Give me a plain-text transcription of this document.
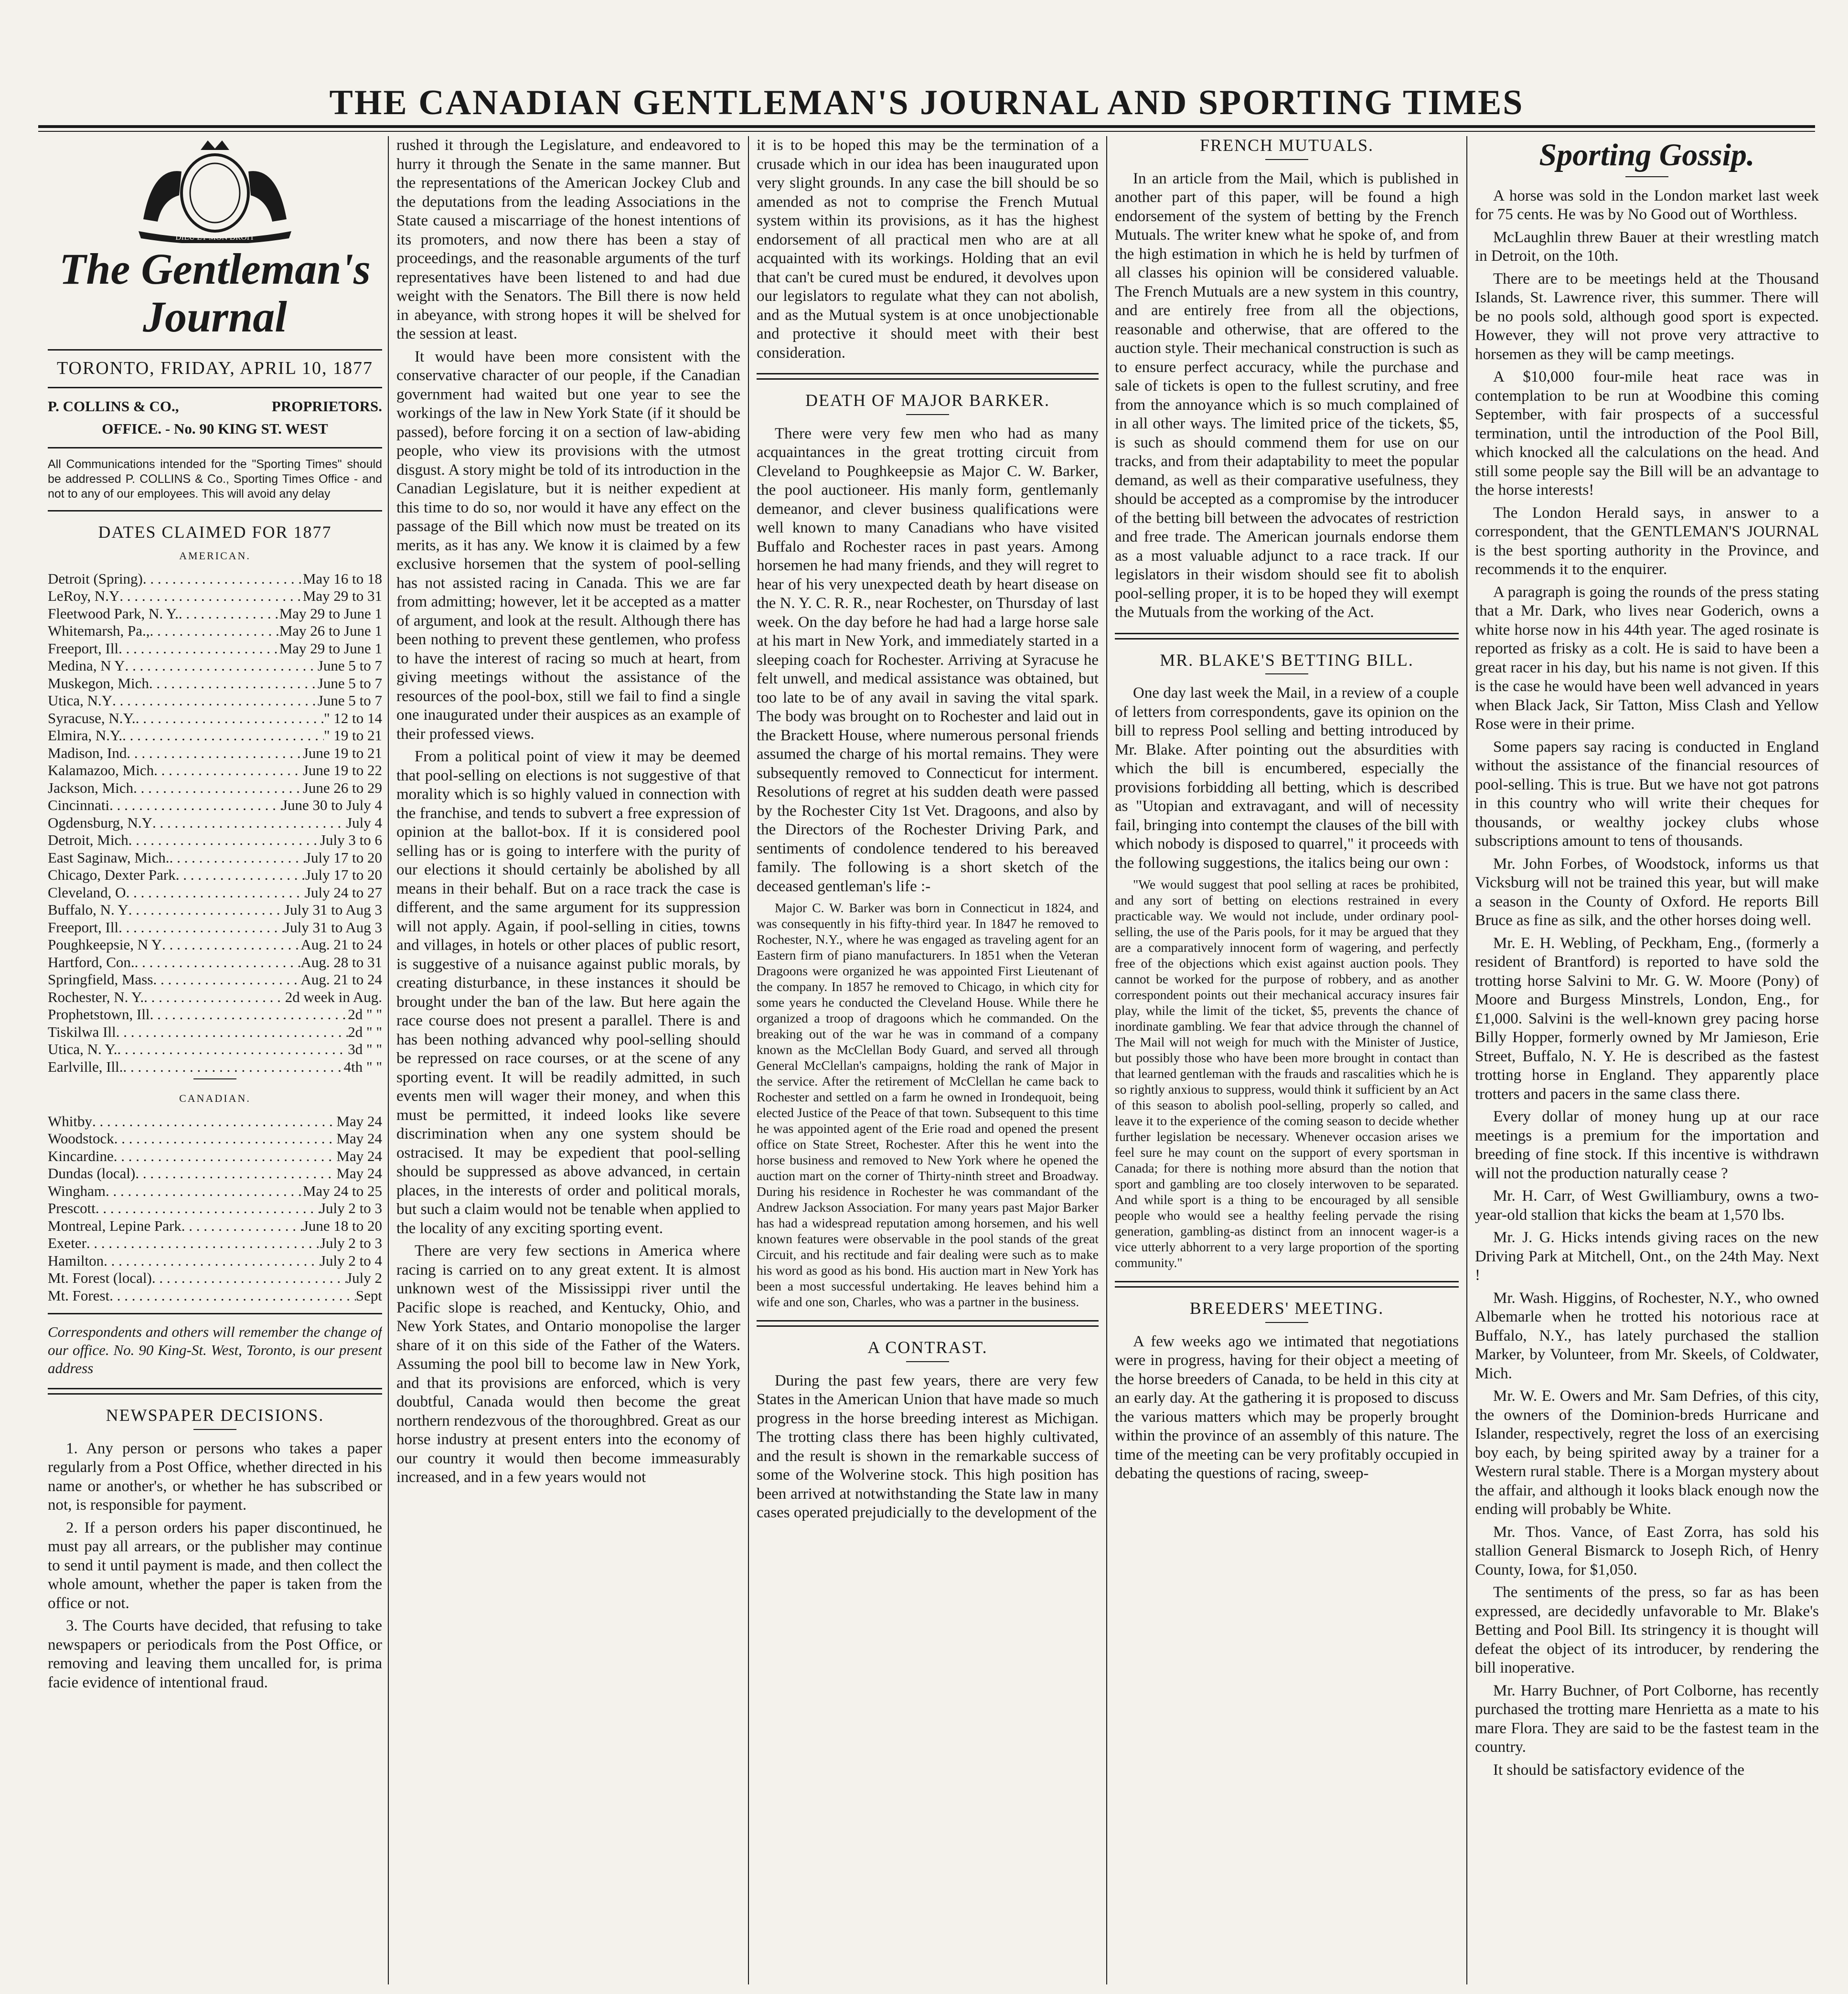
THE CANADIAN GENTLEMAN'S JOURNAL AND SPORTING TIMES
DIEU ET MON DROIT
The Gentleman's Journal
TORONTO, FRIDAY, APRIL 10, 1877
P. COLLINS & CO.,	PROPRIETORS.
OFFICE. - No. 90 KING ST. WEST
All Communications intended for the "Sporting Times" should be addressed P. COLLINS & Co., Sporting Times Office - and not to any of our employees. This will avoid any delay
DATES CLAIMED FOR 1877
AMERICAN.
Detroit (Spring) . . .	May 16 to 18
LeRoy, N.Y . . .	May 29 to 31
Fleetwood Park, N. Y. . . .	May 29 to June 1
Whitemarsh, Pa., . . .	May 26 to June 1
Freeport, Ill . . .	May 29 to June 1
Medina, N Y . . .	June 5 to 7
Muskegon, Mich . . .	June 5 to 7
Utica, N.Y . . .	June 5 to 7
Syracuse, N.Y. . . .	" 12 to 14
Elmira, N.Y. . . .	" 19 to 21
Madison, Ind . . .	June 19 to 21
Kalamazoo, Mich . . .	June 19 to 22
Jackson, Mich . . .	June 26 to 29
Cincinnati . . .	June 30 to July 4
Ogdensburg, N.Y . . .	July 4
Detroit, Mich . . .	July 3 to 6
East Saginaw, Mich. . . .	July 17 to 20
Chicago, Dexter Park . . .	July 17 to 20
Cleveland, O . . .	July 24 to 27
Buffalo, N. Y . . .	July 31 to Aug 3
Freeport, Ill . . .	July 31 to Aug 3
Poughkeepsie, N Y . . .	Aug. 21 to 24
Hartford, Con. . . .	Aug. 28 to 31
Springfield, Mass . . .	Aug. 21 to 24
Rochester, N. Y. . . .	2d week in Aug.
Prophetstown, Ill . . .	2d " "
Tiskilwa Ill . . .	2d " "
Utica, N. Y. . . .	3d " "
Earlville, Ill. . . .	4th " "
CANADIAN.
Whitby . . .	May 24
Woodstock . . .	May 24
Kincardine . . .	May 24
Dundas (local) . . .	May 24
Wingham . . .	May 24 to 25
Prescott . . .	July 2 to 3
Montreal, Lepine Park . . .	June 18 to 20
Exeter . . .	July 2 to 3
Hamilton . . .	July 2 to 4
Mt. Forest (local) . . .	July 2
Mt. Forest . . .	Sept

Correspondents and others will remember the change of our office. No. 90 King-St. West, Toronto, is our present address

NEWSPAPER DECISIONS.

1. Any person or persons who takes a paper regularly from a Post Office, whether directed in his name or another's, or whether he has subscribed or not, is responsible for payment.

2. If a person orders his paper discontinued, he must pay all arrears, or the publisher may continue to send it until payment is made, and then collect the whole amount, whether the paper is taken from the office or not.

3. The Courts have decided, that refusing to take newspapers or periodicals from the Post Office, or removing and leaving them uncalled for, is prima facie evidence of intentional fraud.

rushed it through the Legislature, and endeavored to hurry it through the Senate in the same manner. But the representations of the American Jockey Club and the deputations from the leading Associations in the State caused a miscarriage of the honest intentions of its promoters, and now there has been a stay of proceedings, and the reasonable arguments of the turf representatives have been listened to and had due weight with the Senators. The Bill there is now held in abeyance, with strong hopes it will be shelved for the session at least.

It would have been more consistent with the conservative character of our people, if the Canadian government had waited but one year to see the workings of the law in New York State (if it should be passed), before forcing it on a section of law-abiding people, who view its provisions with the utmost disgust. A story might be told of its introduction in the Canadian Legislature, but it is neither expedient at this time to do so, nor would it have any effect on the passage of the Bill which now must be treated on its merits, as it has any. We know it is claimed by a few exclusive horsemen that the system of pool-selling has not assisted racing in Canada. This we are far from admitting; however, let it be accepted as a matter of argument, and look at the result. Although there has been nothing to prevent these gentlemen, who profess to have the interest of racing so much at heart, from giving meetings without the assistance of the resources of the pool-box, still we fail to find a single one inaugurated under their auspices as an example of their professed views.

From a political point of view it may be deemed that pool-selling on elections is not suggestive of that morality which is so highly valued in connection with the franchise, and tends to subvert a free expression of opinion at the ballot-box. If it is considered pool selling has or is going to interfere with the purity of our elections it should certainly be abolished by all means in their behalf. But on a race track the case is different, and the same argument for its suppression will not apply. Again, if pool-selling in cities, towns and villages, in hotels or other places of public resort, is suggestive of a nuisance against public morals, by creating disturbance, in these instances it should be brought under the ban of the law. But here again the race course does not present a parallel. There is and has been nothing advanced why pool-selling should be repressed on race courses, or at the scene of any sporting event. It will be readily admitted, in such events men will wager their money, and when this must be permitted, it indeed looks like severe discrimination when any one system should be ostracised. It may be expedient that pool-selling should be suppressed as above advanced, in certain places, in the interests of order and political morals, but such a claim would not be tenable when applied to the locality of any exciting sporting event.

There are very few sections in America where racing is carried on to any great extent. It is almost unknown west of the Mississippi river until the Pacific slope is reached, and Kentucky, Ohio, and New York States, and Ontario monopolise the larger share of it on this side of the Father of the Waters. Assuming the pool bill to become law in New York, and that its provisions are enforced, which is very doubtful, Canada would then become the great northern rendezvous of the thoroughbred. Great as our horse industry at present enters into the economy of our country it would then become immeasurably increased, and in a few years would not

it is to be hoped this may be the termination of a crusade which in our idea has been inaugurated upon very slight grounds. In any case the bill should be so amended as not to comprise the French Mutual system within its provisions, as it has the highest endorsement of all practical men who are at all acquainted with its workings. Holding that an evil that can't be cured must be endured, it devolves upon our legislators to regulate what they can not abolish, and as the Mutual system is at once unobjectionable and protective it should meet with their best consideration.

DEATH OF MAJOR BARKER.

There were very few men who had as many acquaintances in the great trotting circuit from Cleveland to Poughkeepsie as Major C. W. Barker, the pool auctioneer. His manly form, gentlemanly demeanor, and clever business qualifications were well known to many Canadians who have visited Buffalo and Rochester races in past years. Among horsemen he had many friends, and they will regret to hear of his very unexpected death by heart disease on the N. Y. C. R. R., near Rochester, on Thursday of last week. On the day before he had had a large horse sale at his mart in New York, and immediately started in a sleeping coach for Rochester. Arriving at Syracuse he felt unwell, and medical assistance was obtained, but too late to be of any avail in saving the vital spark. The body was brought on to Rochester and laid out in the Brackett House, where numerous personal friends assumed the charge of his mortal remains. They were subsequently removed to Connecticut for interment. Resolutions of regret at his sudden death were passed by the Rochester City 1st Vet. Dragoons, and also by the Directors of the Rochester Driving Park, and sentiments of condolence tendered to his bereaved family. The following is a short sketch of the deceased gentleman's life :-

Major C. W. Barker was born in Connecticut in 1824, and was consequently in his fifty-third year. In 1847 he removed to Rochester, N.Y., where he was engaged as traveling agent for an Eastern firm of piano manufacturers. In 1851 when the Veteran Dragoons were organized he was appointed First Lieutenant of the company. In 1857 he removed to Chicago, in which city for some years he conducted the Cleveland House. While there he organized a troop of dragoons which he commanded. On the breaking out of the war he was in command of a company known as the McClellan Body Guard, and served all through General McClellan's campaigns, holding the rank of Major in the service. After the retirement of McClellan he came back to Rochester and settled on a farm he owned in Irondequoit, being elected Justice of the Peace of that town. Subsequent to this time he was appointed agent of the Erie road and opened the present office on State Street, Rochester. After this he went into the horse business and removed to New York where he opened the auction mart on the corner of Thirty-ninth street and Broadway. During his residence in Rochester he was commandant of the Andrew Jackson Association. For many years past Major Barker has had a widespread reputation among horsemen, and his well known features were observable in the pool stands of the great Circuit, and his rectitude and fair dealing were such as to make his word as good as his bond. His auction mart in New York has been a most successful undertaking. He leaves behind him a wife and one son, Charles, who was a partner in the business.

A CONTRAST.

During the past few years, there are very few States in the American Union that have made so much progress in the horse breeding interest as Michigan. The trotting class there has been highly cultivated, and the result is shown in the remarkable success of some of the Wolverine stock. This high position has been arrived at notwithstanding the State law in many cases operated prejudicially to the development of the

FRENCH MUTUALS.

In an article from the Mail, which is published in another part of this paper, will be found a high endorsement of the system of betting by the French Mutuals. The writer knew what he spoke of, and from the high estimation in which he is held by turfmen of all classes his opinion will be considered valuable. The French Mutuals are a new system in this country, and are entirely free from all the objections, reasonable and otherwise, that are offered to the auction style. Their mechanical construction is such as to ensure perfect accuracy, while the purchase and sale of tickets is open to the fullest scrutiny, and free from the annoyance which is so much complained of in all other ways. The limited price of the tickets, $5, is such as should commend them for use on our tracks, and from their adaptability to meet the popular demand, as well as their comparative usefulness, they should be accepted as a compromise by the introducer of the betting bill between the advocates of restriction and free trade. The American journals endorse them as a most valuable adjunct to a race track. If our legislators in their wisdom should see fit to abolish pool-selling proper, it is to be hoped they will exempt the Mutuals from the working of the Act.

MR. BLAKE'S BETTING BILL.

One day last week the Mail, in a review of a couple of letters from correspondents, gave its opinion on the bill to repress Pool selling and betting introduced by Mr. Blake. After pointing out the absurdities with which the bill is encumbered, especially the provisions forbidding all betting, which is described as "Utopian and extravagant, and will of necessity fail, bringing into contempt the clauses of the bill with which nobody is disposed to quarrel," it proceeds with the following suggestions, the italics being our own :

"We would suggest that pool selling at races be prohibited, and any sort of betting on elections restrained in every practicable way. We would not include, under ordinary pool-selling, the use of the Paris pools, for it may be argued that they are a comparatively innocent form of wagering, and perfectly free of the objections which exist against auction pools. They cannot be worked for the purpose of robbery, and as another correspondent points out their mechanical accuracy insures fair play, while the limit of the ticket, $5, prevents the chance of inordinate gambling. We fear that advice through the channel of The Mail will not weigh for much with the Minister of Justice, but possibly those who have been more brought in contact than that learned gentleman with the frauds and rascalities which he is so rightly anxious to suppress, would think it sufficient by an Act of this season to abolish pool-selling, properly so called, and leave it to the experience of the coming season to decide whether further legislation be necessary. Whenever occasion arises we feel sure he may count on the support of every sportsman in Canada; for there is nothing more absurd than the notion that sport and gambling are too closely interwoven to be separated. And while sport is a thing to be encouraged by all sensible people who would see a healthy feeling pervade the rising generation, gambling-as distinct from an innocent wager-is a vice utterly abhorrent to a very large proportion of the sporting community."

BREEDERS' MEETING.

A few weeks ago we intimated that negotiations were in progress, having for their object a meeting of the horse breeders of Canada, to be held in this city at an early day. At the gathering it is proposed to discuss the various matters which may be properly brought within the province of an assembly of this nature. The time of the meeting can be very profitably occupied in debating the questions of racing, sweep-

Sporting Gossip.

A horse was sold in the London market last week for 75 cents. He was by No Good out of Worthless.

McLaughlin threw Bauer at their wrestling match in Detroit, on the 10th.

There are to be meetings held at the Thousand Islands, St. Lawrence river, this summer. There will be no pools sold, although good sport is expected. However, they will not prove very attractive to horsemen as they will be camp meetings.

A $10,000 four-mile heat race was in contemplation to be run at Woodbine this coming September, with fair prospects of a successful termination, until the introduction of the Pool Bill, which knocked all the calculations on the head. And still some people say the Bill will be an advantage to the horse interests!

The London Herald says, in answer to a correspondent, that the GENTLEMAN'S JOURNAL is the best sporting authority in the Province, and recommends it to the enquirer.

A paragraph is going the rounds of the press stating that a Mr. Dark, who lives near Goderich, owns a white horse now in his 44th year. The aged rosinate is reported as frisky as a colt. He is said to have been a great racer in his day, but his name is not given. If this is the case he would have been well advanced in years when Black Jack, Sir Tatton, Miss Clash and Yellow Rose were in their prime.

Some papers say racing is conducted in England without the assistance of the financial resources of pool-selling. This is true. But we have not got patrons in this country who will write their cheques for thousands, or wealthy jockey clubs whose subscriptions amount to tens of thousands.

Mr. John Forbes, of Woodstock, informs us that Vicksburg will not be trained this year, but will make a season in the County of Oxford. He reports Bill Bruce as fine as silk, and the other horses doing well.

Mr. E. H. Webling, of Peckham, Eng., (formerly a resident of Brantford) is reported to have sold the trotting horse Salvini to Mr. G. W. Moore (Pony) of Moore and Burgess Minstrels, London, Eng., for £1,000. Salvini is the well-known grey pacing horse Billy Hopper, formerly owned by Mr Jamieson, Erie Street, Buffalo, N. Y. He is described as the fastest trotting horse in England. They apparently place trotters and pacers in the same class there.

Every dollar of money hung up at our race meetings is a premium for the importation and breeding of fine stock. If this incentive is withdrawn will not the production naturally cease ?

Mr. H. Carr, of West Gwilliambury, owns a two-year-old stallion that kicks the beam at 1,570 lbs.

Mr. J. G. Hicks intends giving races on the new Driving Park at Mitchell, Ont., on the 24th May. Next !

Mr. Wash. Higgins, of Rochester, N.Y., who owned Albemarle when he trotted his notorious race at Buffalo, N.Y., has lately purchased the stallion Marker, by Volunteer, from Mr. Skeels, of Coldwater, Mich.

Mr. W. E. Owers and Mr. Sam Defries, of this city, the owners of the Dominion-breds Hurricane and Islander, respectively, regret the loss of an exercising boy each, by being spirited away by a trainer for a Western rural stable. There is a Morgan mystery about the affair, and although it looks black enough now the ending will probably be White.

Mr. Thos. Vance, of East Zorra, has sold his stallion General Bismarck to Joseph Rich, of Henry County, Iowa, for $1,050.

The sentiments of the press, so far as has been expressed, are decidedly unfavorable to Mr. Blake's Betting and Pool Bill. Its stringency it is thought will defeat the object of its introducer, by rendering the bill inoperative.

Mr. Harry Buchner, of Port Colborne, has recently purchased the trotting mare Henrietta as a mate to his mare Flora. They are said to be the fastest team in the country.

It should be satisfactory evidence of the
